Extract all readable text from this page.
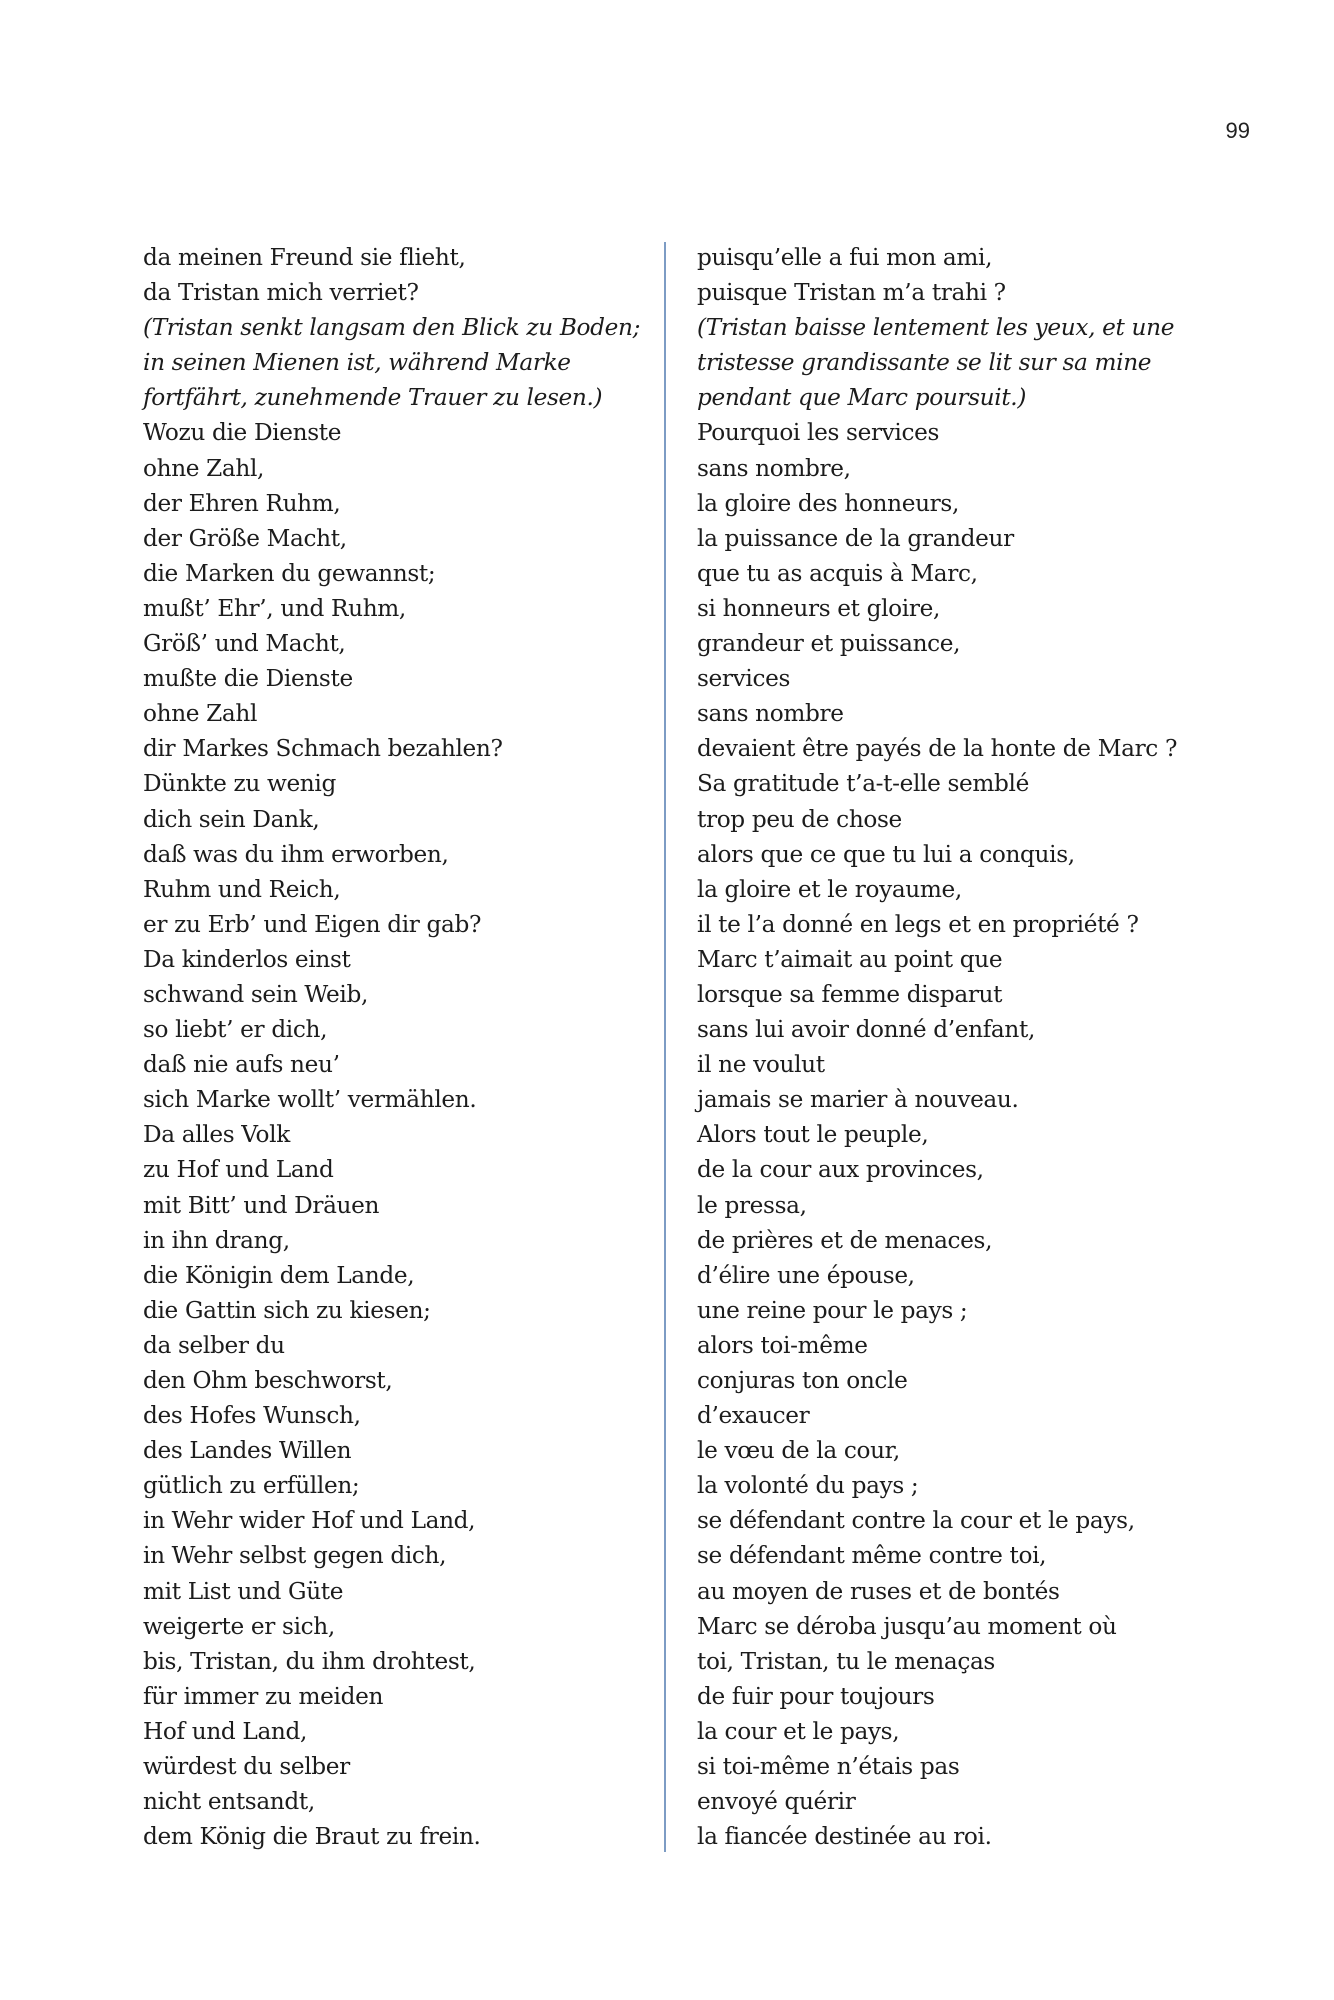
99
da meinen Freund sie flieht,
da Tristan mich verriet?
(Tristan senkt langsam den Blick zu Boden;
in seinen Mienen ist, während Marke
fortfährt, zunehmende Trauer zu lesen.)
Wozu die Dienste
ohne Zahl,
der Ehren Ruhm,
der Größe Macht,
die Marken du gewannst;
mußt’ Ehr’, und Ruhm,
Größ’ und Macht,
mußte die Dienste
ohne Zahl
dir Markes Schmach bezahlen?
Dünkte zu wenig
dich sein Dank,
daß was du ihm erworben,
Ruhm und Reich,
er zu Erb’ und Eigen dir gab?
Da kinderlos einst
schwand sein Weib,
so liebt’ er dich,
daß nie aufs neu’
sich Marke wollt’ vermählen.
Da alles Volk
zu Hof und Land
mit Bitt’ und Dräuen
in ihn drang,
die Königin dem Lande,
die Gattin sich zu kiesen;
da selber du
den Ohm beschworst,
des Hofes Wunsch,
des Landes Willen
gütlich zu erfüllen;
in Wehr wider Hof und Land,
in Wehr selbst gegen dich,
mit List und Güte
weigerte er sich,
bis, Tristan, du ihm drohtest,
für immer zu meiden
Hof und Land,
würdest du selber
nicht entsandt,
dem König die Braut zu frein.
puisqu’elle a fui mon ami,
puisque Tristan m’a trahi ?
(Tristan baisse lentement les yeux, et une
tristesse grandissante se lit sur sa mine
pendant que Marc poursuit.)
Pourquoi les services
sans nombre,
la gloire des honneurs,
la puissance de la grandeur
que tu as acquis à Marc,
si honneurs et gloire,
grandeur et puissance,
services
sans nombre
devaient être payés de la honte de Marc ?
Sa gratitude t’a-t-elle semblé
trop peu de chose
alors que ce que tu lui a conquis,
la gloire et le royaume,
il te l’a donné en legs et en propriété ?
Marc t’aimait au point que
lorsque sa femme disparut
sans lui avoir donné d’enfant,
il ne voulut
jamais se marier à nouveau.
Alors tout le peuple,
de la cour aux provinces,
le pressa,
de prières et de menaces,
d’élire une épouse,
une reine pour le pays ;
alors toi-même
conjuras ton oncle
d’exaucer
le vœu de la cour,
la volonté du pays ;
se défendant contre la cour et le pays,
se défendant même contre toi,
au moyen de ruses et de bontés
Marc se déroba jusqu’au moment où
toi, Tristan, tu le menaças
de fuir pour toujours
la cour et le pays,
si toi-même n’étais pas
envoyé quérir
la fiancée destinée au roi.
